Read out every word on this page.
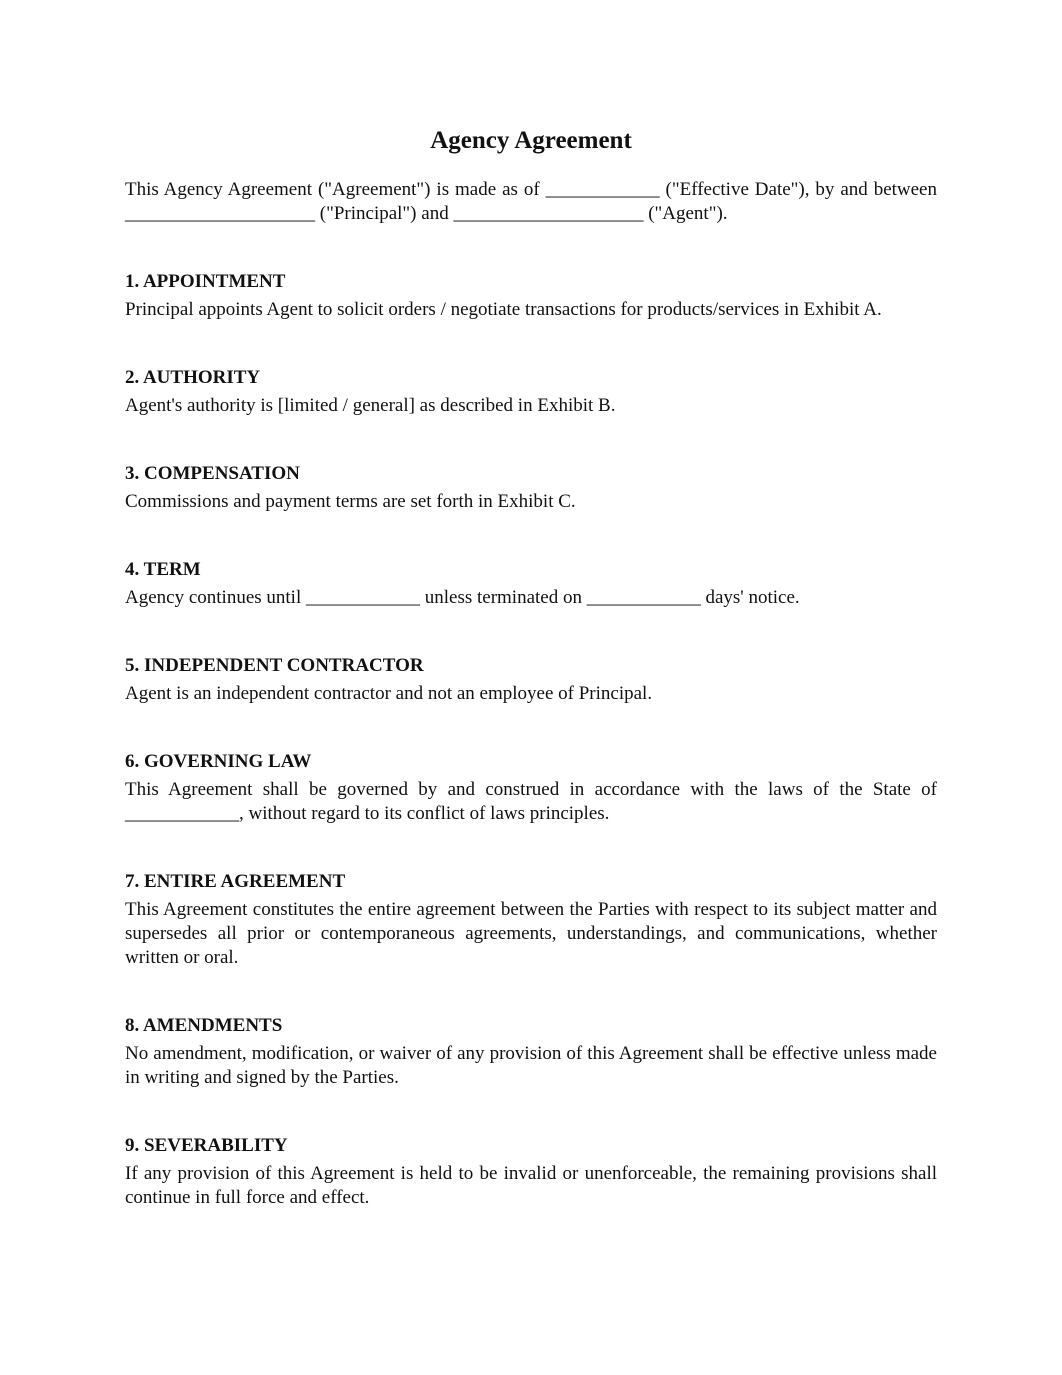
Agency Agreement

This Agency Agreement ("Agreement") is made as of ____________ ("Effective Date"), by and between ____________________ ("Principal") and ____________________ ("Agent").

1. APPOINTMENT

Principal appoints Agent to solicit orders / negotiate transactions for products/services in Exhibit A.

2. AUTHORITY

Agent's authority is [limited / general] as described in Exhibit B.

3. COMPENSATION

Commissions and payment terms are set forth in Exhibit C.

4. TERM

Agency continues until ____________ unless terminated on ____________ days' notice.

5. INDEPENDENT CONTRACTOR

Agent is an independent contractor and not an employee of Principal.

6. GOVERNING LAW

This Agreement shall be governed by and construed in accordance with the laws of the State of ____________, without regard to its conflict of laws principles.

7. ENTIRE AGREEMENT

This Agreement constitutes the entire agreement between the Parties with respect to its subject matter and supersedes all prior or contemporaneous agreements, understandings, and communications, whether written or oral.

8. AMENDMENTS

No amendment, modification, or waiver of any provision of this Agreement shall be effective unless made in writing and signed by the Parties.

9. SEVERABILITY

If any provision of this Agreement is held to be invalid or unenforceable, the remaining provisions shall continue in full force and effect.
